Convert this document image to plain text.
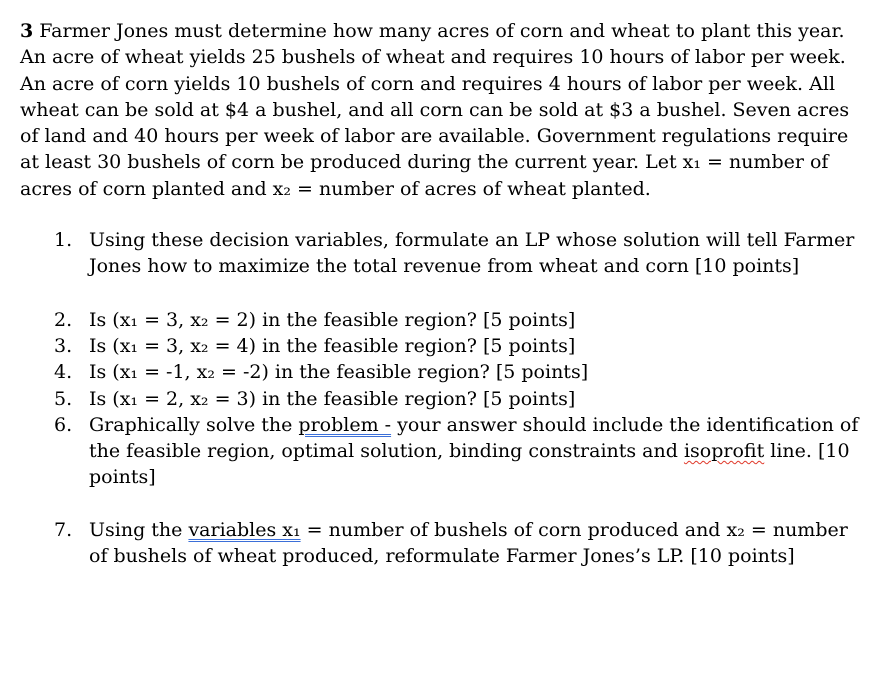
3 Farmer Jones must determine how many acres of corn and wheat to plant this year. An acre of wheat yields 25 bushels of wheat and requires 10 hours of labor per week. An acre of corn yields 10 bushels of corn and requires 4 hours of labor per week. All wheat can be sold at $4 a bushel, and all corn can be sold at $3 a bushel. Seven acres of land and 40 hours per week of labor are available. Government regulations require at least 30 bushels of corn be produced during the current year. Let x₁ = number of acres of corn planted and x₂ = number of acres of wheat planted.

1. Using these decision variables, formulate an LP whose solution will tell Farmer Jones how to maximize the total revenue from wheat and corn [10 points]
2. Is (x₁ = 3, x₂ = 2) in the feasible region? [5 points]
3. Is (x₁ = 3, x₂ = 4) in the feasible region? [5 points]
4. Is (x₁ = -1, x₂ = -2) in the feasible region? [5 points]
5. Is (x₁ = 2, x₂ = 3) in the feasible region? [5 points]
6. Graphically solve the problem - your answer should include the identification of the feasible region, optimal solution, binding constraints and isoprofit line. [10 points]
7. Using the variables x₁ = number of bushels of corn produced and x₂ = number of bushels of wheat produced, reformulate Farmer Jones’s LP. [10 points]
